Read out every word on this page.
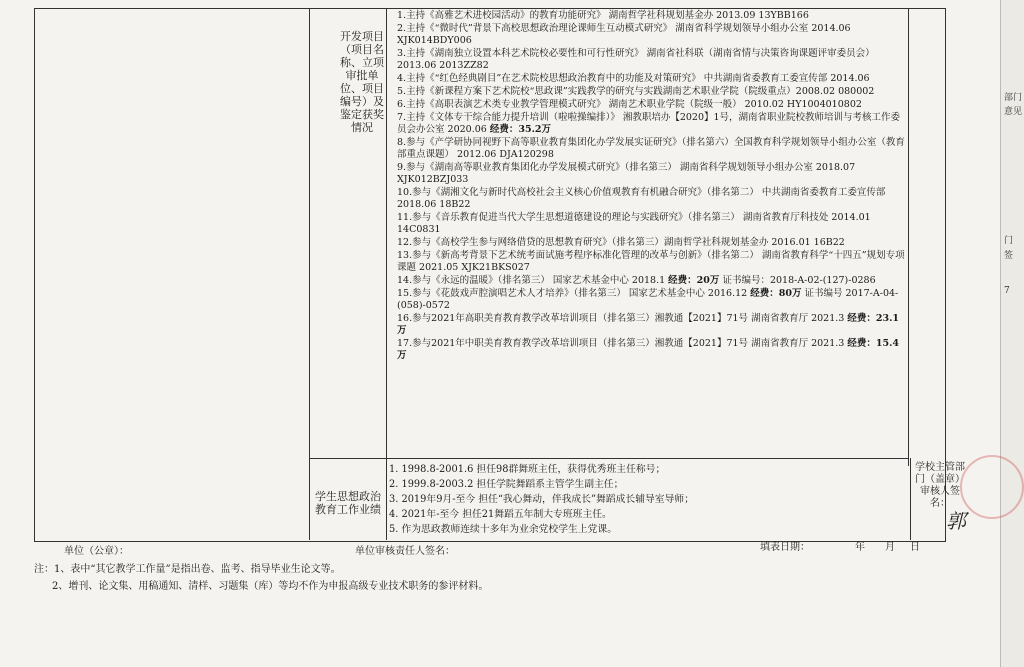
开发项目（项目名称、立项审批单位、项目编号）及鉴定获奖情况
1.主持《高雅艺术进校园活动》的教育功能研究》 湖南哲学社科规划基金办 2013.09 13YBB166
2.主持《“微时代”背景下高校思想政治理论课师生互动模式研究》 湖南省科学规划领导小组办公室 2014.06 XJK014BDY006
3.主持《湖南独立设置本科艺术院校必要性和可行性研究》 湖南省社科联（湖南省情与决策咨询课题评审委员会） 2013.06 2013ZZ82
4.主持《“红色经典剧目”在艺术院校思想政治教育中的功能及对策研究》 中共湖南省委教育工委宣传部 2014.06
5.主持《新课程方案下艺术院校“思政课”实践教学的研究与实践湖南艺术职业学院（院级重点）2008.02 080002
6.主持《高职表演艺术类专业教学管理模式研究》 湖南艺术职业学院（院级一般） 2010.02 HY1004010802
7.主持《文体专干综合能力提升培训（啦啦操编排）》 湘教职培办【2020】1号，湖南省职业院校教师培训与考核工作委员会办公室 2020.06 经费：35.2万
8.参与《产学研协同视野下高等职业教育集团化办学发展实证研究》（排名第六）全国教育科学规划领导小组办公室（教育部重点课题） 2012.06 DJA120298
9.参与《湖南高等职业教育集团化办学发展模式研究》（排名第三） 湖南省科学规划领导小组办公室 2018.07 XJK012BZJ033
10.参与《湖湘文化与新时代高校社会主义核心价值观教育有机融合研究》（排名第二） 中共湖南省委教育工委宣传部 2018.06 18B22
11.参与《音乐教育促进当代大学生思想道德建设的理论与实践研究》（排名第三） 湖南省教育厅科技处 2014.01 14C0831
12.参与《高校学生参与网络借贷的思想教育研究》（排名第三）湖南哲学社科规划基金办 2016.01 16B22
13.参与《新高考背景下艺术统考面试施考程序标准化管理的改革与创新》（排名第二） 湖南省教育科学“十四五”规划专项课题 2021.05 XJK21BKS027
14.参与《永远的温暖》（排名第三） 国家艺术基金中心 2018.1 经费：20万 证书编号：2018-A-02-(127)-0286
15.参与《花鼓戏声腔演唱艺术人才培养》（排名第三） 国家艺术基金中心 2016.12 经费：80万 证书编号 2017-A-04-(058)-0572
16.参与2021年高职美育教育教学改革培训项目（排名第三）湘教通【2021】71号 湖南省教育厅 2021.3 经费：23.1万
17.参与2021年中职美育教育教学改革培训项目（排名第三）湘教通【2021】71号 湖南省教育厅 2021.3 经费：15.4万
学生思想政治教育工作业绩
1. 1998.8-2001.6 担任98群舞班主任，获得优秀班主任称号；
2. 1999.8-2003.2 担任学院舞蹈系主管学生副主任；
3. 2019年9月-至今 担任“我心舞动，伴我成长”舞蹈成长辅导室导师；
4. 2021年-至今 担任21舞蹈五年制大专班班主任。
5. 作为思政教师连续十多年为业余党校学生上党课。
学校主管部门（盖章）审核人签名：
郭
单位（公章）：	单位审核责任人签名：	填表日期：	年 月 日
注：1、表中“其它教学工作量”是指出卷、监考、指导毕业生论文等。
2、增刊、论文集、用稿通知、清样、习题集（库）等均不作为申报高级专业技术职务的参评材料。
部门
意见
门
签
7
